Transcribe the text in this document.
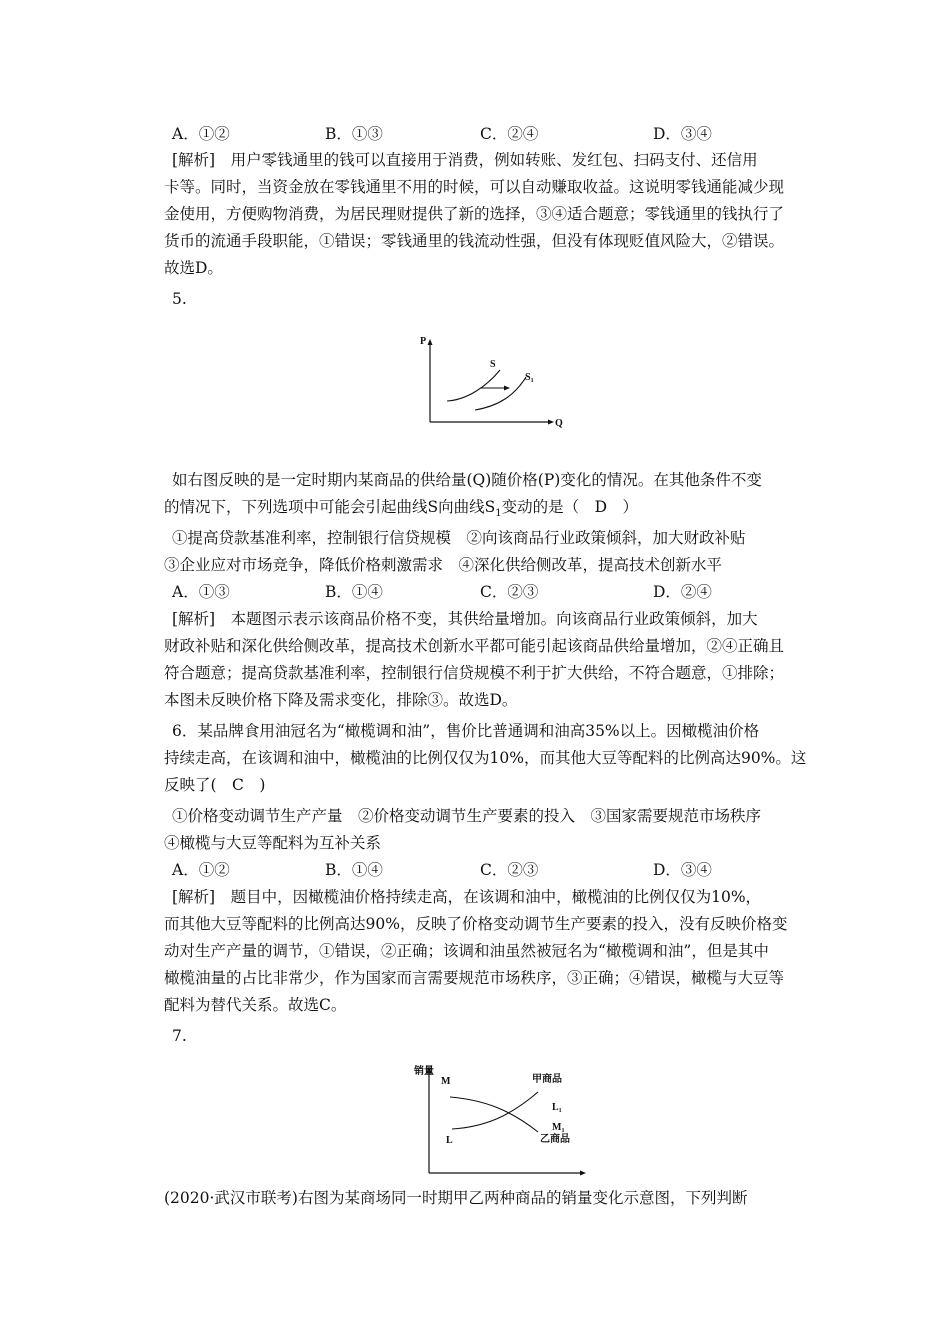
A．①②	B．①③	C．②④	D．③④
[解析]　用户零钱通里的钱可以直接用于消费，例如转账、发红包、扫码支付、还信用
卡等。同时，当资金放在零钱通里不用的时候，可以自动赚取收益。这说明零钱通能减少现
金使用，方便购物消费，为居民理财提供了新的选择，③④适合题意；零钱通里的钱执行了
货币的流通手段职能，①错误；零钱通里的钱流动性强，但没有体现贬值风险大，②错误。
故选D。
5.
P
Q
S
$S_1$
如右图反映的是一定时期内某商品的供给量(Q)随价格(P)变化的情况。在其他条件不变
的情况下，下列选项中可能会引起曲线S向曲线$S_1$变动的是（　D　）
①提高贷款基准利率，控制银行信贷规模　②向该商品行业政策倾斜，加大财政补贴
③企业应对市场竞争，降低价格刺激需求　④深化供给侧改革，提高技术创新水平
A．①③	B．①④	C．②③	D．②④
[解析]　本题图示表示该商品价格不变，其供给量增加。向该商品行业政策倾斜，加大
财政补贴和深化供给侧改革，提高技术创新水平都可能引起该商品供给量增加，②④正确且
符合题意；提高贷款基准利率，控制银行信贷规模不利于扩大供给，不符合题意，①排除；
本图未反映价格下降及需求变化，排除③。故选D。
6．某品牌食用油冠名为“橄榄调和油”，售价比普通调和油高35%以上。因橄榄油价格
持续走高，在该调和油中，橄榄油的比例仅仅为10%，而其他大豆等配料的比例高达90%。这
反映了(　C　)
①价格变动调节生产产量　②价格变动调节生产要素的投入　③国家需要规范市场秩序
④橄榄与大豆等配料为互补关系
A．①②	B．①④	C．②③	D．③④
[解析]　题目中，因橄榄油价格持续走高，在该调和油中，橄榄油的比例仅仅为10%，
而其他大豆等配料的比例高达90%，反映了价格变动调节生产要素的投入，没有反映价格变
动对生产产量的调节，①错误，②正确；该调和油虽然被冠名为“橄榄调和油”，但是其中
橄榄油量的占比非常少，作为国家而言需要规范市场秩序，③正确；④错误，橄榄与大豆等
配料为替代关系。故选C。
7.
销量
M
L
甲商品
$L_1$
$M_1$
乙商品
(2020·武汉市联考)右图为某商场同一时期甲乙两种商品的销量变化示意图，下列判断
